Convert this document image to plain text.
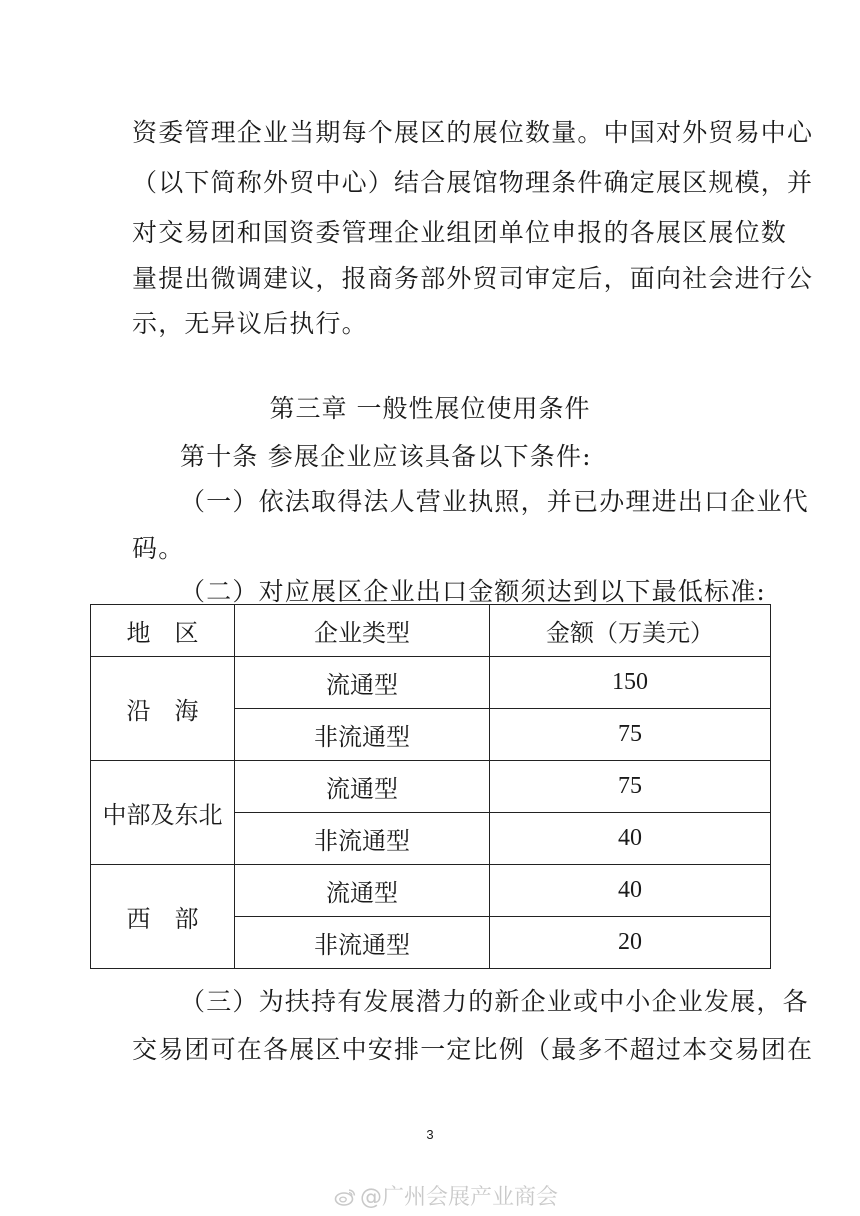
资委管理企业当期每个展区的展位数量。中国对外贸易中心
（以下简称外贸中心）结合展馆物理条件确定展区规模，并
对交易团和国资委管理企业组团单位申报的各展区展位数
量提出微调建议，报商务部外贸司审定后，面向社会进行公
示，无异议后执行。
第三章 一般性展位使用条件
第十条 参展企业应该具备以下条件:
（一）依法取得法人营业执照，并已办理进出口企业代
码。
（二）对应展区企业出口金额须达到以下最低标准:
地　区	企业类型	金额（万美元）
沿　海	流通型	150
	非流通型	75
中部及东北	流通型	75
	非流通型	40
西　部	流通型	40
	非流通型	20
（三）为扶持有发展潜力的新企业或中小企业发展，各
交易团可在各展区中安排一定比例（最多不超过本交易团在
3
@广州会展产业商会
